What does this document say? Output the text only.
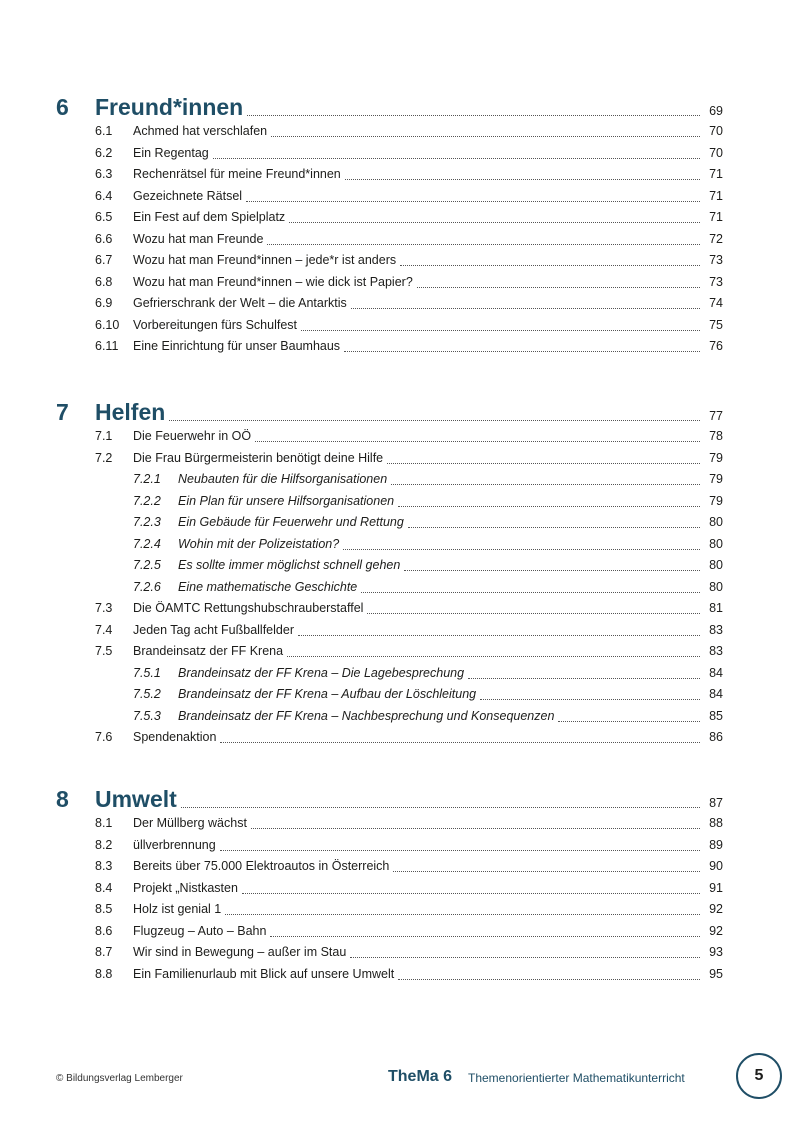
6 Freund*innen	69
6.1 Achmed hat verschlafen	70
6.2 Ein Regentag	70
6.3 Rechenrätsel für meine Freund*innen	71
6.4 Gezeichnete Rätsel	71
6.5 Ein Fest auf dem Spielplatz	71
6.6 Wozu hat man Freunde	72
6.7 Wozu hat man Freund*innen – jede*r ist anders	73
6.8 Wozu hat man Freund*innen – wie dick ist Papier?	73
6.9 Gefrierschrank der Welt – die Antarktis	74
6.10 Vorbereitungen fürs Schulfest	75
6.11 Eine Einrichtung für unser Baumhaus	76
7 Helfen	77
7.1 Die Feuerwehr in OÖ	78
7.2 Die Frau Bürgermeisterin benötigt deine Hilfe	79
7.2.1 Neubauten für die Hilfsorganisationen	79
7.2.2 Ein Plan für unsere Hilfsorganisationen	79
7.2.3 Ein Gebäude für Feuerwehr und Rettung	80
7.2.4 Wohin mit der Polizeistation?	80
7.2.5 Es sollte immer möglichst schnell gehen	80
7.2.6 Eine mathematische Geschichte	80
7.3 Die ÖAMTC Rettungshubschrauberstaffel	81
7.4 Jeden Tag acht Fußballfelder	83
7.5 Brandeinsatz der FF Krena	83
7.5.1 Brandeinsatz der FF Krena – Die Lagebesprechung	84
7.5.2 Brandeinsatz der FF Krena – Aufbau der Löschleitung	84
7.5.3 Brandeinsatz der FF Krena – Nachbesprechung und Konsequenzen	85
7.6 Spendenaktion	86
8 Umwelt	87
8.1 Der Müllberg wächst	88
8.2 üllverbrennung	89
8.3 Bereits über 75.000 Elektroautos in Österreich	90
8.4 Projekt „Nistkasten	91
8.5 Holz ist genial 1	92
8.6 Flugzeug – Auto – Bahn	92
8.7 Wir sind in Bewegung – außer im Stau	93
8.8 Ein Familienurlaub mit Blick auf unsere Umwelt	95
© Bildungsverlag Lemberger	TheMa 6 Themenorientierter Mathematikunterricht	5
